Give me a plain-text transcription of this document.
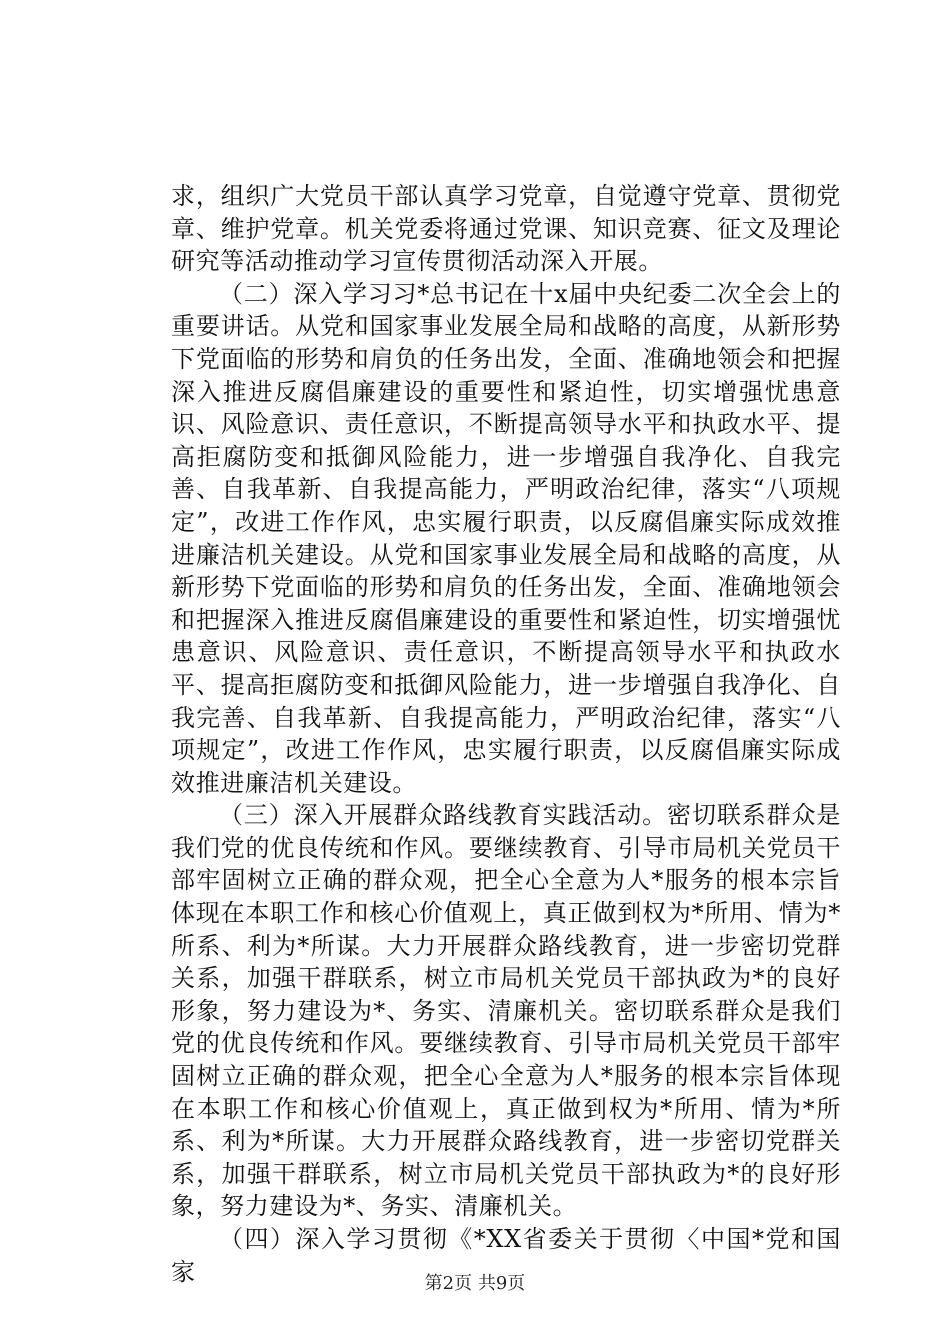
求，组织广大党员干部认真学习党章，自觉遵守党章、贯彻党章、维护党章。机关党委将通过党课、知识竞赛、征文及理论研究等活动推动学习宣传贯彻活动深入开展。

（二）深入学习习*总书记在十x届中央纪委二次全会上的重要讲话。从党和国家事业发展全局和战略的高度，从新形势下党面临的形势和肩负的任务出发，全面、准确地领会和把握深入推进反腐倡廉建设的重要性和紧迫性，切实增强忧患意识、风险意识、责任意识，不断提高领导水平和执政水平、提高拒腐防变和抵御风险能力，进一步增强自我净化、自我完善、自我革新、自我提高能力，严明政治纪律，落实“八项规定”，改进工作作风，忠实履行职责，以反腐倡廉实际成效推进廉洁机关建设。从党和国家事业发展全局和战略的高度，从新形势下党面临的形势和肩负的任务出发，全面、准确地领会和把握深入推进反腐倡廉建设的重要性和紧迫性，切实增强忧患意识、风险意识、责任意识，不断提高领导水平和执政水平、提高拒腐防变和抵御风险能力，进一步增强自我净化、自我完善、自我革新、自我提高能力，严明政治纪律，落实“八项规定”，改进工作作风，忠实履行职责，以反腐倡廉实际成效推进廉洁机关建设。

（三）深入开展群众路线教育实践活动。密切联系群众是我们党的优良传统和作风。要继续教育、引导市局机关党员干部牢固树立正确的群众观，把全心全意为人*服务的根本宗旨体现在本职工作和核心价值观上，真正做到权为*所用、情为*所系、利为*所谋。大力开展群众路线教育，进一步密切党群关系，加强干群联系，树立市局机关党员干部执政为*的良好形象，努力建设为*、务实、清廉机关。密切联系群众是我们党的优良传统和作风。要继续教育、引导市局机关党员干部牢固树立正确的群众观，把全心全意为人*服务的根本宗旨体现在本职工作和核心价值观上，真正做到权为*所用、情为*所系、利为*所谋。大力开展群众路线教育，进一步密切党群关系，加强干群联系，树立市局机关党员干部执政为*的良好形象，努力建设为*、务实、清廉机关。

（四）深入学习贯彻《*XX省委关于贯彻〈中国*党和国家	第2页 共9页
